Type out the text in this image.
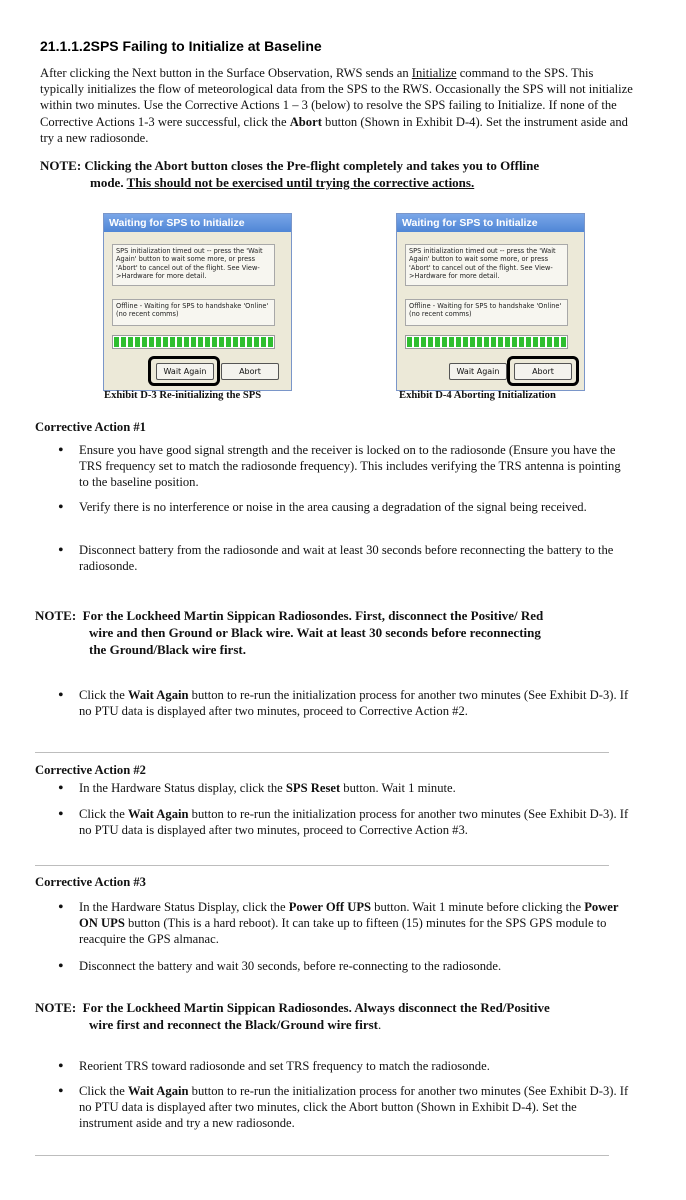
21.1.1.2SPS Failing to Initialize at Baseline
After clicking the Next button in the Surface Observation, RWS sends an Initialize command to the SPS. This typically initializes the flow of meteorological data from the SPS to the RWS. Occasionally the SPS will not initialize within two minutes. Use the Corrective Actions 1 – 3 (below) to resolve the SPS failing to Initialize. If none of the Corrective Actions 1-3 were successful, click the Abort button (Shown in Exhibit D-4). Set the instrument aside and try a new radiosonde.
NOTE: Clicking the Abort button closes the Pre-flight completely and takes you to Offline
mode. This should not be exercised until trying the corrective actions.
Waiting for SPS to Initialize
SPS initialization timed out -- press the 'Wait Again' button to wait some more, or press 'Abort' to cancel out of the flight. See View->Hardware for more detail.
Offline - Waiting for SPS to handshake 'Online' (no recent comms)
Wait Again	Abort
Exhibit D-3 Re-initializing the SPS
Waiting for SPS to Initialize
SPS initialization timed out -- press the 'Wait Again' button to wait some more, or press 'Abort' to cancel out of the flight. See View->Hardware for more detail.
Offline - Waiting for SPS to handshake 'Online' (no recent comms)
Wait Again	Abort
Exhibit D-4 Aborting Initialization
Corrective Action #1
• Ensure you have good signal strength and the receiver is locked on to the radiosonde (Ensure you have the TRS frequency set to match the radiosonde frequency). This includes verifying the TRS antenna is pointing to the baseline position.
• Verify there is no interference or noise in the area causing a degradation of the signal being received.
• Disconnect battery from the radiosonde and wait at least 30 seconds before reconnecting the battery to the radiosonde.
NOTE: For the Lockheed Martin Sippican Radiosondes. First, disconnect the Positive/ Red
wire and then Ground or Black wire. Wait at least 30 seconds before reconnecting
the Ground/Black wire first.
• Click the Wait Again button to re-run the initialization process for another two minutes (See Exhibit D-3). If no PTU data is displayed after two minutes, proceed to Corrective Action #2.
Corrective Action #2
• In the Hardware Status display, click the SPS Reset button. Wait 1 minute.
• Click the Wait Again button to re-run the initialization process for another two minutes (See Exhibit D-3). If no PTU data is displayed after two minutes, proceed to Corrective Action #3.
Corrective Action #3
• In the Hardware Status Display, click the Power Off UPS button. Wait 1 minute before clicking the Power ON UPS button (This is a hard reboot). It can take up to fifteen (15) minutes for the SPS GPS module to reacquire the GPS almanac.
• Disconnect the battery and wait 30 seconds, before re-connecting to the radiosonde.
NOTE: For the Lockheed Martin Sippican Radiosondes. Always disconnect the Red/Positive
wire first and reconnect the Black/Ground wire first.
• Reorient TRS toward radiosonde and set TRS frequency to match the radiosonde.
• Click the Wait Again button to re-run the initialization process for another two minutes (See Exhibit D-3). If no PTU data is displayed after two minutes, click the Abort button (Shown in Exhibit D-4). Set the instrument aside and try a new radiosonde.
